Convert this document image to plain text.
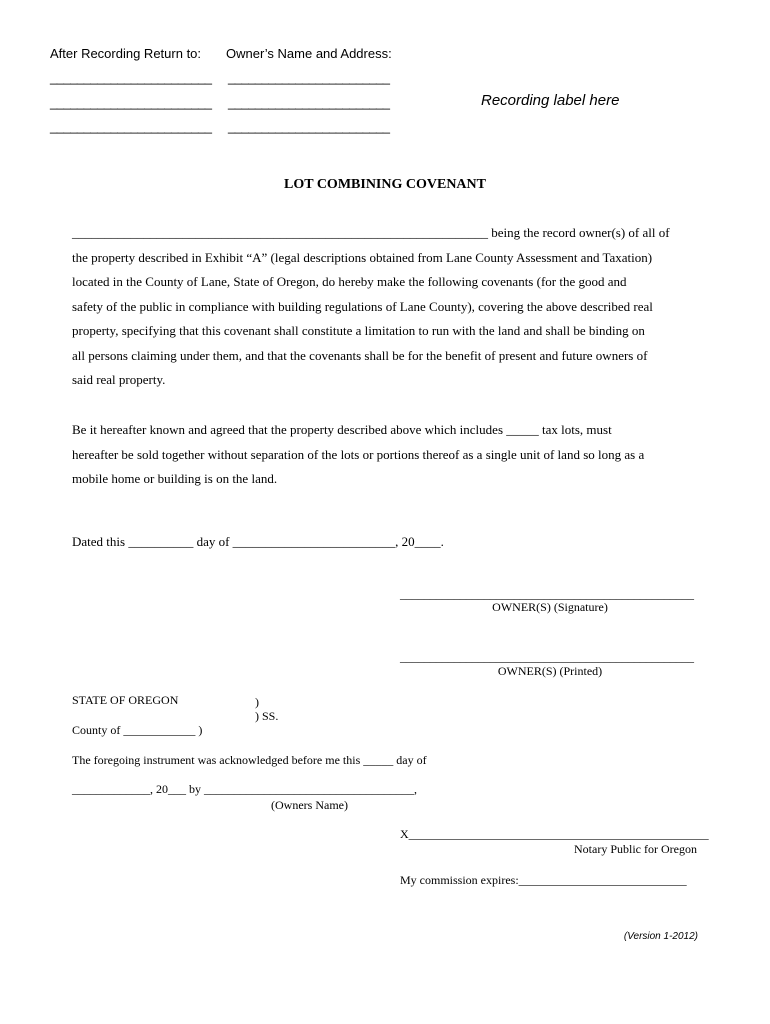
After Recording Return to: Owner’s Name and Address:
________________________
________________________
________________________
________________________
________________________
________________________
Recording label here
LOT COMBINING COVENANT

________________________________________________________________ being the record owner(s) of all of

the property described in Exhibit “A” (legal descriptions obtained from Lane County Assessment and Taxation)

located in the County of Lane, State of Oregon, do hereby make the following covenants (for the good and

safety of the public in compliance with building regulations of Lane County), covering the above described real

property, specifying that this covenant shall constitute a limitation to run with the land and shall be binding on

all persons claiming under them, and that the covenants shall be for the benefit of present and future owners of

said real property.

Be it hereafter known and agreed that the property described above which includes _____ tax lots, must

hereafter be sold together without separation of the lots or portions thereof as a single unit of land so long as a

mobile home or building is on the land.

Dated this __________ day of _________________________, 20____.
_________________________________________________
OWNER(S) (Signature)
_________________________________________________
OWNER(S) (Printed)
STATE OF OREGON	)
) SS.
County of ____________ )
The foregoing instrument was acknowledged before me this _____ day of
_____________, 20___ by ___________________________________,
(Owners Name)
X__________________________________________________
Notary Public for Oregon
My commission expires:____________________________
(Version 1-2012)
